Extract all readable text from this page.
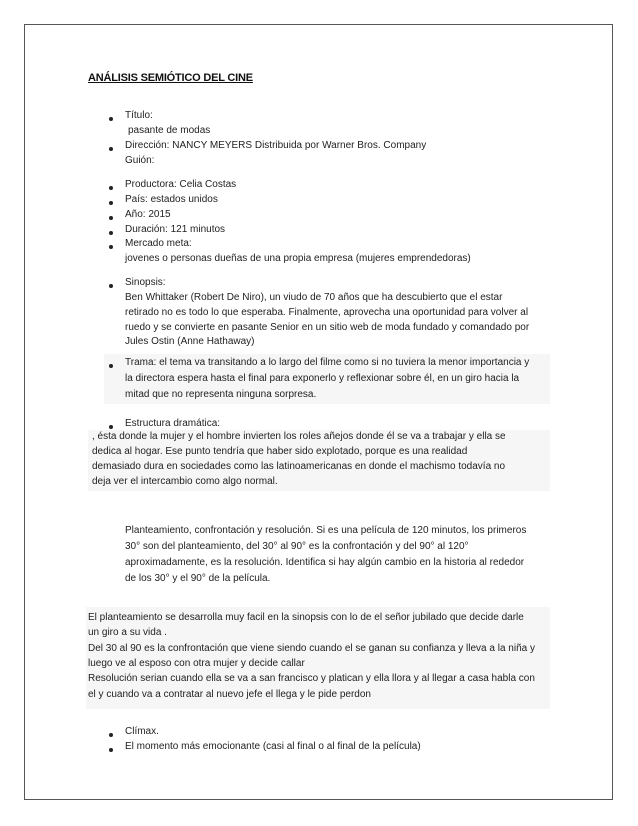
ANÁLISIS SEMIÓTICO DEL CINE
Título:
pasante de modas
Dirección: NANCY MEYERS Distribuida por Warner Bros. Company
Guión:
Productora: Celia Costas
País: estados unidos
Año: 2015
Duración: 121 minutos
Mercado meta:
jovenes o personas dueñas de una propia empresa (mujeres emprendedoras)
Sinopsis:
Ben Whittaker (Robert De Niro), un viudo de 70 años que ha descubierto que el estar
retirado no es todo lo que esperaba. Finalmente, aprovecha una oportunidad para volver al
ruedo y se convierte en pasante Senior en un sitio web de moda fundado y comandado por
Jules Ostin (Anne Hathaway)
Trama: el tema va transitando a lo largo del filme como si no tuviera la menor importancia y
la directora espera hasta el final para exponerlo y reflexionar sobre él, en un giro hacia la
mitad que no representa ninguna sorpresa.
Estructura dramática:
, ésta donde la mujer y el hombre invierten los roles añejos donde él se va a trabajar y ella se
dedica al hogar. Ese punto tendría que haber sido explotado, porque es una realidad
demasiado dura en sociedades como las latinoamericanas en donde el machismo todavía no
deja ver el intercambio como algo normal.
Planteamiento, confrontación y resolución. Si es una película de 120 minutos, los primeros
30° son del planteamiento, del 30° al 90° es la confrontación y del 90° al 120°
aproximadamente, es la resolución. Identifica si hay algún cambio en la historia al rededor
de los 30° y el 90° de la película.
El planteamiento se desarrolla muy facil en la sinopsis con lo de el señor jubilado que decide darle
un giro a su vida .
Del 30 al 90 es la confrontación que viene siendo cuando el se ganan su confianza y lleva a la niña y
luego ve al esposo con otra mujer y decide callar
Resolución serian cuando ella se va a san francisco y platican y ella llora y al llegar a casa habla con
el y cuando va a contratar al nuevo jefe el llega y le pide perdon
Clímax.
El momento más emocionante (casi al final o al final de la película)
